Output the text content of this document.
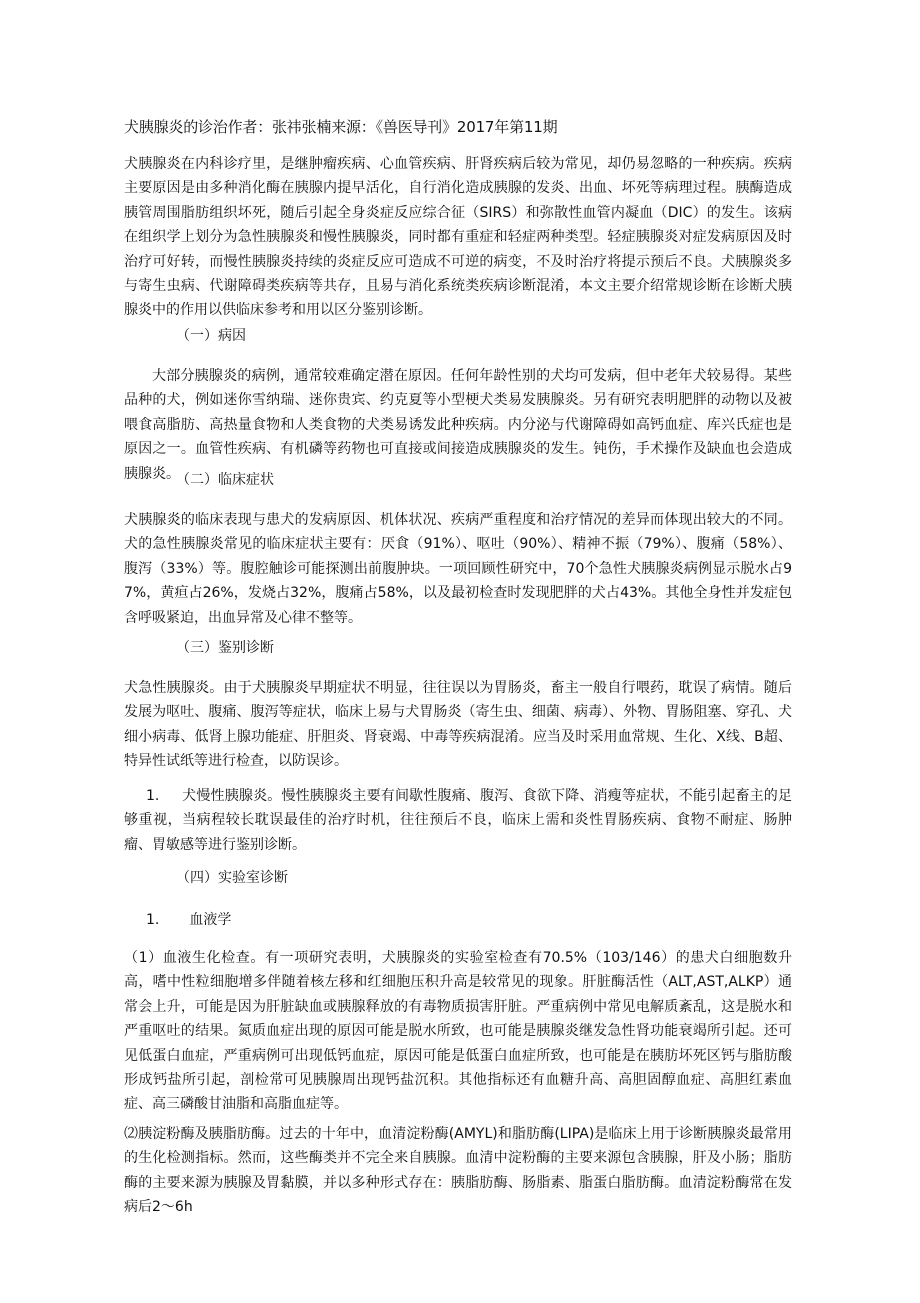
犬胰腺炎的诊治作者：张祎张楠来源：《兽医导刊》2017年第11期

犬胰腺炎在内科诊疗里，是继肿瘤疾病、心血管疾病、肝肾疾病后较为常见，却仍易忽略的一种疾病。疾病主要原因是由多种消化酶在胰腺内提早活化，自行消化造成胰腺的发炎、出血、坏死等病理过程。胰酶造成胰管周围脂肪组织坏死，随后引起全身炎症反应综合征（SIRS）和弥散性血管内凝血（DIC）的发生。该病在组织学上划分为急性胰腺炎和慢性胰腺炎，同时都有重症和轻症两种类型。轻症胰腺炎对症发病原因及时治疗可好转，而慢性胰腺炎持续的炎症反应可造成不可逆的病变，不及时治疗将提示预后不良。犬胰腺炎多与寄生虫病、代谢障碍类疾病等共存，且易与消化系统类疾病诊断混淆，本文主要介绍常规诊断在诊断犬胰腺炎中的作用以供临床参考和用以区分鉴别诊断。

（一）病因

大部分胰腺炎的病例，通常较难确定潜在原因。任何年龄性别的犬均可发病，但中老年犬较易得。某些品种的犬，例如迷你雪纳瑞、迷你贵宾、约克夏等小型梗犬类易发胰腺炎。另有研究表明肥胖的动物以及被喂食高脂肪、高热量食物和人类食物的犬类易诱发此种疾病。内分泌与代谢障碍如高钙血症、库兴氏症也是原因之一。血管性疾病、有机磷等药物也可直接或间接造成胰腺炎的发生。钝伤，手术操作及缺血也会造成胰腺炎。

（二）临床症状

犬胰腺炎的临床表现与患犬的发病原因、机体状况、疾病严重程度和治疗情况的差异而体现出较大的不同。犬的急性胰腺炎常见的临床症状主要有：厌食（91%）、呕吐（90%）、精神不振（79%）、腹痛（58%）、腹泻（33%）等。腹腔触诊可能探测出前腹肿块。一项回顾性研究中，70个急性犬胰腺炎病例显示脱水占97%，黄疸占26%，发烧占32%，腹痛占58%，以及最初检查时发现肥胖的犬占43%。其他全身性并发症包含呼吸紧迫，出血异常及心律不整等。

（三）鉴别诊断

犬急性胰腺炎。由于犬胰腺炎早期症状不明显，往往误以为胃肠炎，畜主一般自行喂药，耽误了病情。随后发展为呕吐、腹痛、腹泻等症状，临床上易与犬胃肠炎（寄生虫、细菌、病毒）、外物、胃肠阻塞、穿孔、犬细小病毒、低肾上腺功能症、肝胆炎、肾衰竭、中毒等疾病混淆。应当及时采用血常规、生化、X线、B超、特异性试纸等进行检查，以防误诊。

1. 犬慢性胰腺炎。慢性胰腺炎主要有间歇性腹痛、腹泻、食欲下降、消瘦等症状，不能引起畜主的足够重视，当病程较长耽误最佳的治疗时机，往往预后不良，临床上需和炎性胃肠疾病、食物不耐症、肠肿瘤、胃敏感等进行鉴别诊断。

（四）实验室诊断
1. 血液学

（1）血液生化检查。有一项研究表明，犬胰腺炎的实验室检查有70.5%（103/146）的患犬白细胞数升高，嗜中性粒细胞增多伴随着核左移和红细胞压积升高是较常见的现象。肝脏酶活性（ALT,AST,ALKP）通常会上升，可能是因为肝脏缺血或胰腺释放的有毒物质损害肝脏。严重病例中常见电解质紊乱，这是脱水和严重呕吐的结果。氮质血症出现的原因可能是脱水所致，也可能是胰腺炎继发急性肾功能衰竭所引起。还可见低蛋白血症，严重病例可出现低钙血症，原因可能是低蛋白血症所致，也可能是在胰肪坏死区钙与脂肪酸形成钙盐所引起，剖检常可见胰腺周出现钙盐沉积。其他指标还有血糖升高、高胆固醇血症、高胆红素血症、高三磷酸甘油脂和高脂血症等。

⑵胰淀粉酶及胰脂肪酶。过去的十年中，血清淀粉酶(AMYL)和脂肪酶(LIPA)是临床上用于诊断胰腺炎最常用的生化检测指标。然而，这些酶类并不完全来自胰腺。血清中淀粉酶的主要来源包含胰腺，肝及小肠；脂肪酶的主要来源为胰腺及胃黏膜，并以多种形式存在：胰脂肪酶、肠脂素、脂蛋白脂肪酶。血清淀粉酶常在发病后2〜6h
